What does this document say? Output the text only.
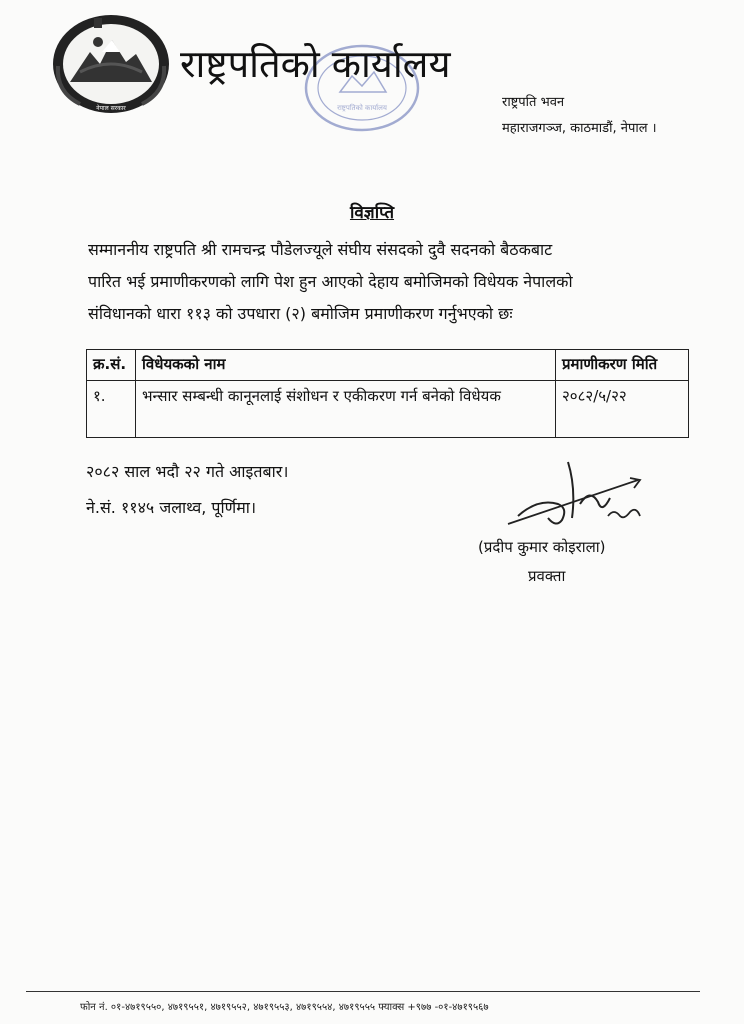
नेपाल सरकार	राष्ट्रपतिको कार्यालय
राष्ट्रपतिको कार्यालय
राष्ट्रपति भवन
महाराजगञ्ज, काठमाडौं, नेपाल ।
विज्ञप्ति
सम्माननीय राष्ट्रपति श्री रामचन्द्र पौडेलज्यूले संघीय संसदको दुवै सदनको बैठकबाट
पारित भई प्रमाणीकरणको लागि पेश हुन आएको देहाय बमोजिमको विधेयक नेपालको
संविधानको धारा ११३ को उपधारा (२) बमोजिम प्रमाणीकरण गर्नुभएको छः
क्र.सं.	विधेयकको नाम	प्रमाणीकरण मिति
१.	भन्सार सम्बन्धी कानूनलाई संशोधन र एकीकरण गर्न बनेको विधेयक	२०८२/५/२२
२०८२ साल भदौ २२ गते आइतबार।
ने.सं. ११४५ जलाथ्व, पूर्णिमा।
(प्रदीप कुमार कोइराला)
प्रवक्ता
फोन नं. ०१-४७१९५५०, ४७१९५५१, ४७१९५५२, ४७१९५५३, ४७१९५५४, ४७१९५५५ फ्याक्स +९७७ -०१-४७१९५६७
